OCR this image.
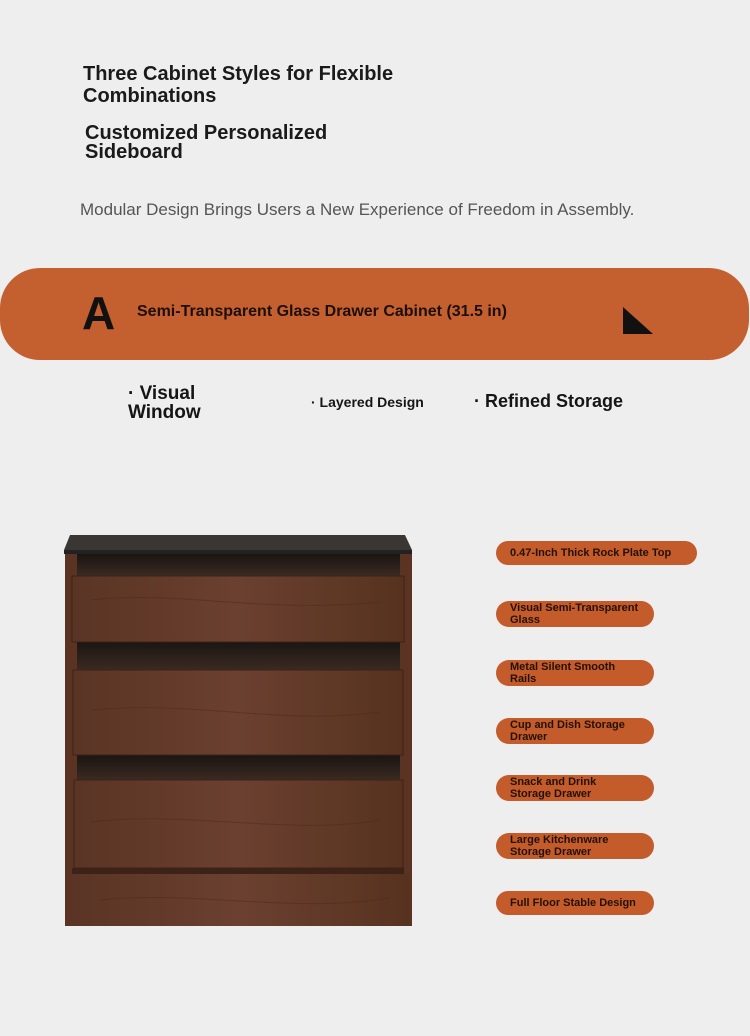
Three Cabinet Styles for Flexible Combinations
Customized Personalized Sideboard
Modular Design Brings Users a New Experience of Freedom in Assembly.
A Semi-Transparent Glass Drawer Cabinet (31.5 in)
· Visual Window	· Layered Design	· Refined Storage
0.47-Inch Thick Rock Plate Top
Visual Semi-Transparent Glass
Metal Silent Smooth Rails
Cup and Dish Storage Drawer
Snack and Drink Storage Drawer
Large Kitchenware Storage Drawer
Full Floor Stable Design
